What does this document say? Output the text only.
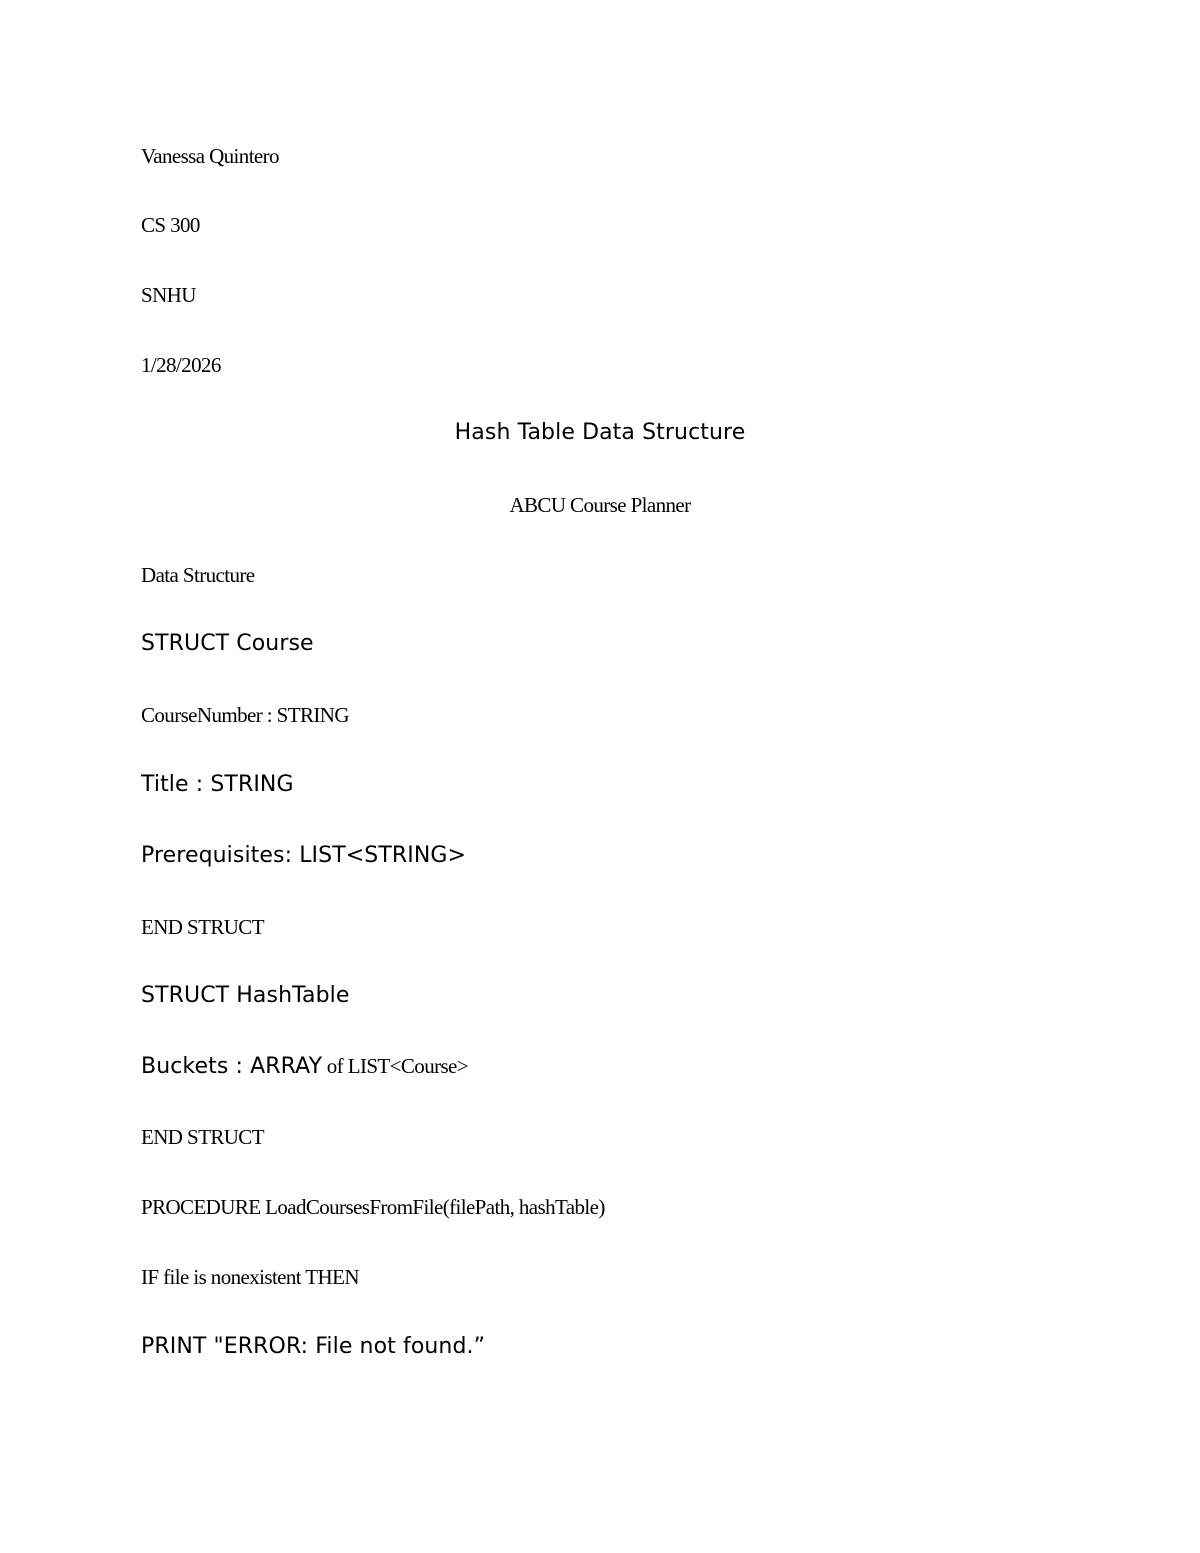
Vanessa Quintero
CS 300
SNHU
1/28/2026
Hash Table Data Structure
ABCU Course Planner
Data Structure
STRUCT Course
CourseNumber : STRING
Title : STRING
Prerequisites: LIST<STRING>
END STRUCT
STRUCT HashTable
Buckets : ARRAY of LIST<Course>
END STRUCT
PROCEDURE LoadCoursesFromFile(filePath, hashTable)
IF file is nonexistent THEN
PRINT "ERROR: File not found.”
